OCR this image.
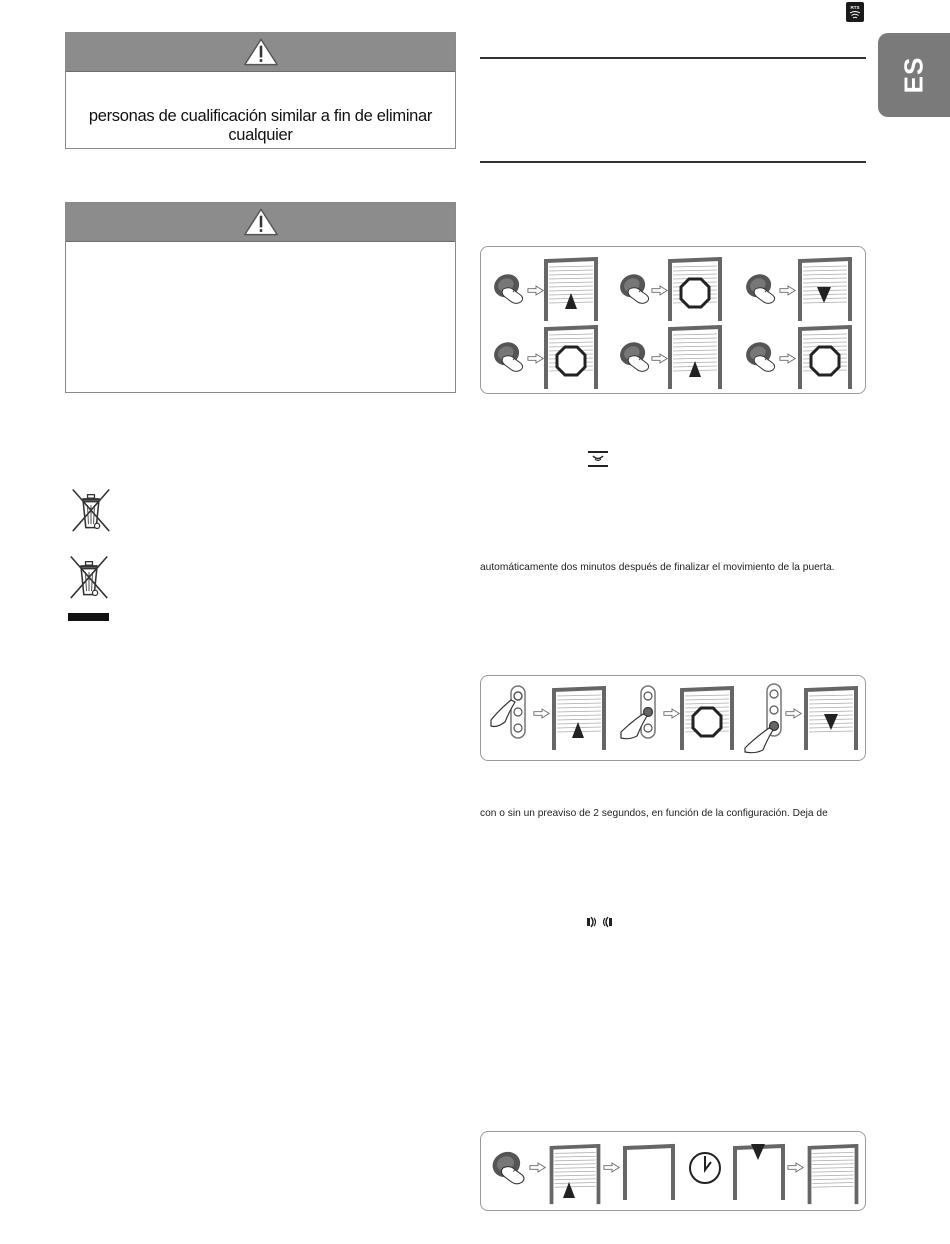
RTS
ES
personas de cualificación similar a fin de eliminar cualquier
automáticamente dos minutos después de finalizar el movimiento de la puerta.
con o sin un preaviso de 2 segundos, en función de la configuración. Deja de
